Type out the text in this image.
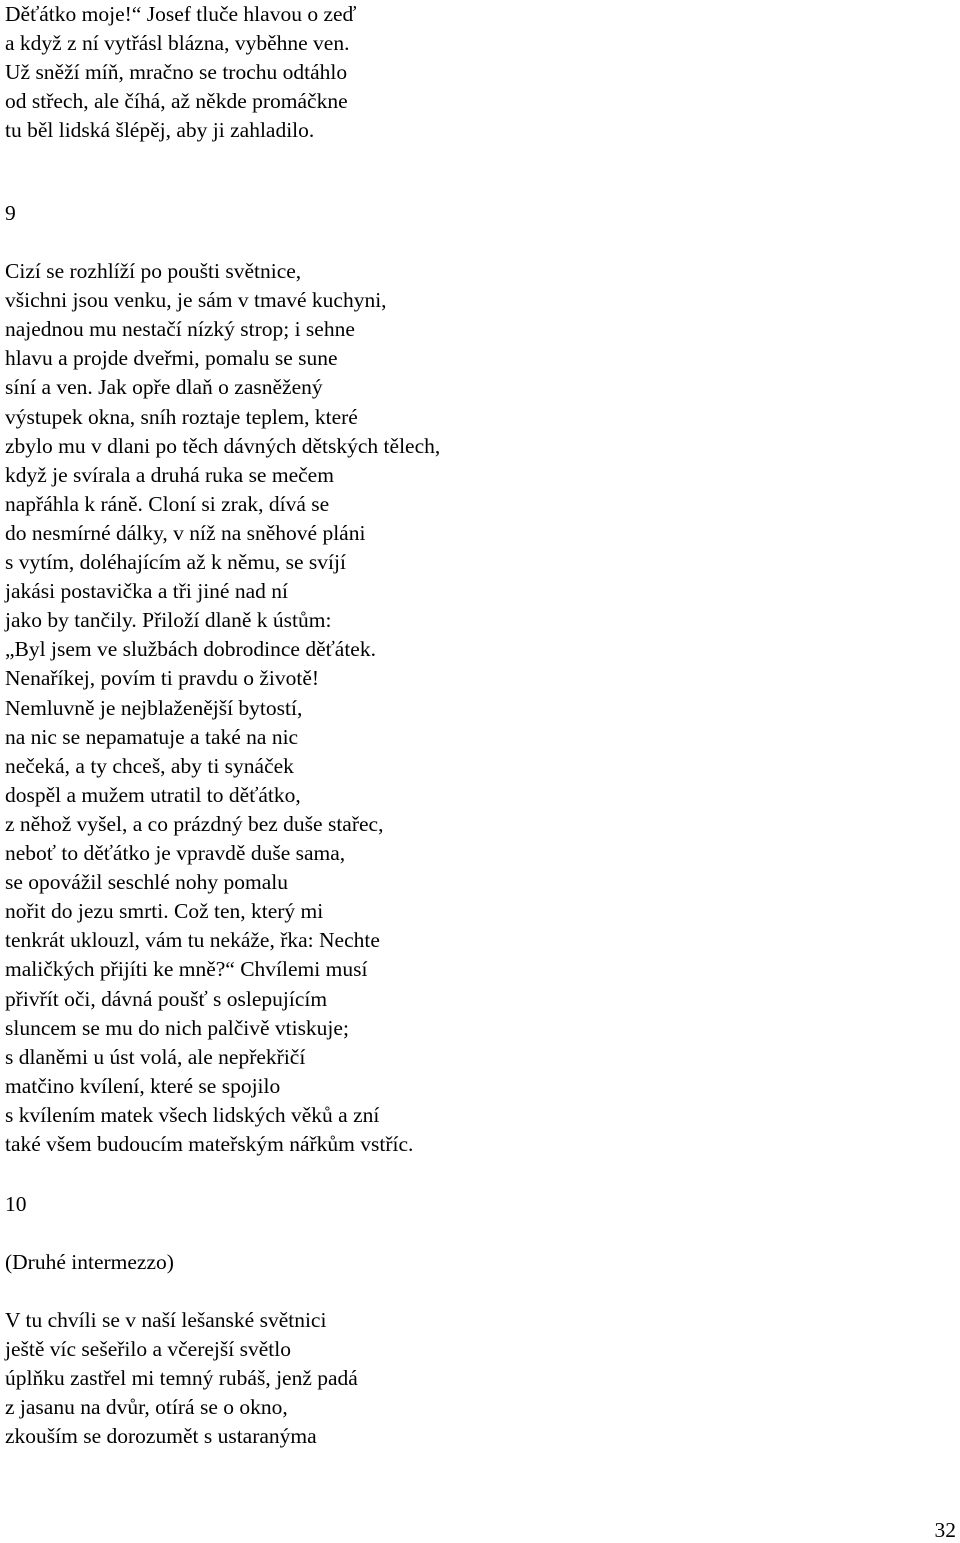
Děťátko moje!“ Josef tluče hlavou o zeď
a když z ní vytřásl blázna, vyběhne ven.
Už sněží míň, mračno se trochu odtáhlo
od střech, ale číhá, až někde promáčkne
tu běl lidská šlépěj, aby ji zahladilo.
9
Cizí se rozhlíží po poušti světnice,
všichni jsou venku, je sám v tmavé kuchyni,
najednou mu nestačí nízký strop; i sehne
hlavu a projde dveřmi, pomalu se sune
síní a ven. Jak opře dlaň o zasněžený
výstupek okna, sníh roztaje teplem, které
zbylo mu v dlani po těch dávných dětských tělech,
když je svírala a druhá ruka se mečem
napřáhla k ráně. Cloní si zrak, dívá se
do nesmírné dálky, v níž na sněhové pláni
s vytím, doléhajícím až k němu, se svíjí
jakási postavička a tři jiné nad ní
jako by tančily. Přiloží dlaně k ústům:
„Byl jsem ve službách dobrodince děťátek.
Nenaříkej, povím ti pravdu o životě!
Nemluvně je nejblaženější bytostí,
na nic se nepamatuje a také na nic
nečeká, a ty chceš, aby ti synáček
dospěl a mužem utratil to děťátko,
z něhož vyšel, a co prázdný bez duše stařec,
neboť to děťátko je vpravdě duše sama,
se opovážil seschlé nohy pomalu
nořit do jezu smrti. Což ten, který mi
tenkrát uklouzl, vám tu nekáže, řka: Nechte
maličkých přijíti ke mně?“ Chvílemi musí
přivřít oči, dávná poušť s oslepujícím
sluncem se mu do nich palčivě vtiskuje;
s dlaněmi u úst volá, ale nepřekřičí
matčino kvílení, které se spojilo
s kvílením matek všech lidských věků a zní
také všem budoucím mateřským nářkům vstříc.
10
(Druhé intermezzo)
V tu chvíli se v naší lešanské světnici
ještě víc sešeřilo a včerejší světlo
úplňku zastřel mi temný rubáš, jenž padá
z jasanu na dvůr, otírá se o okno,
zkouším se dorozumět s ustaranýma
32
